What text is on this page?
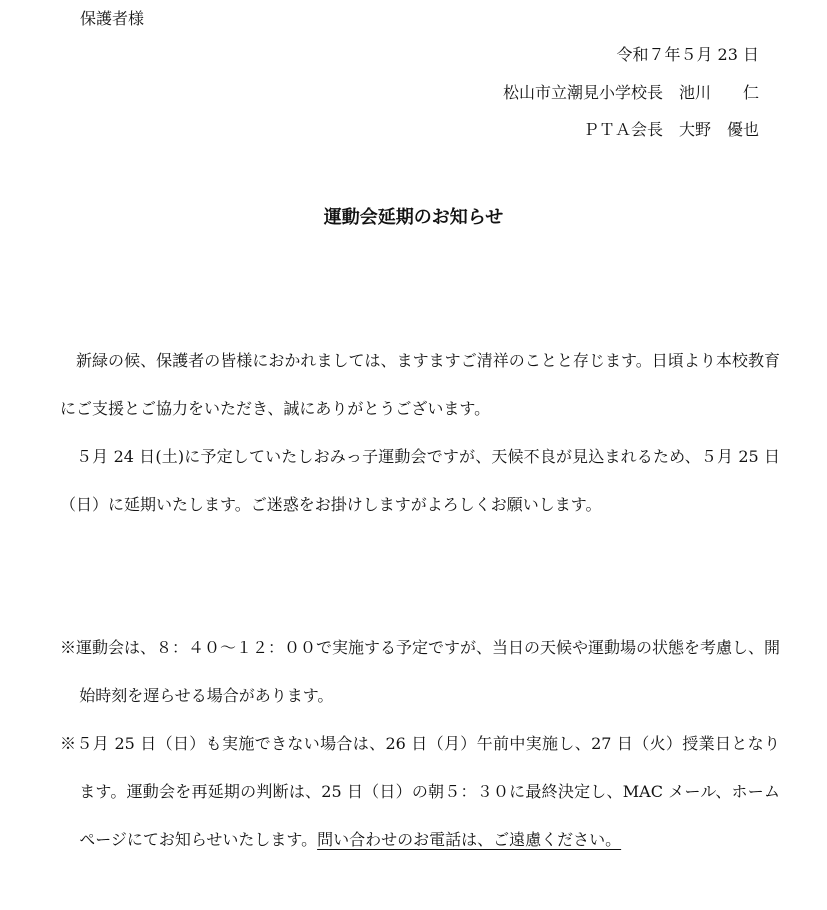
保護者様
令和７年５月 23 日
松山市立潮見小学校長　池川　　仁
ＰＴＡ会長　大野　優也
運動会延期のお知らせ
新緑の候、保護者の皆様におかれましては、ますますご清祥のことと存じます。日頃より本校教育にご支援とご協力をいただき、誠にありがとうございます。
５月 24 日(土)に予定していたしおみっ子運動会ですが、天候不良が見込まれるため、５月 25 日（日）に延期いたします。ご迷惑をお掛けしますがよろしくお願いします。
※運動会は、８：４０～１２：００で実施する予定ですが、当日の天候や運動場の状態を考慮し、開始時刻を遅らせる場合があります。
※５月 25 日（日）も実施できない場合は、26 日（月）午前中実施し、27 日（火）授業日となります。運動会を再延期の判断は、25 日（日）の朝５：３０に最終決定し、MAC メール、ホームページにてお知らせいたします。問い合わせのお電話は、ご遠慮ください。
